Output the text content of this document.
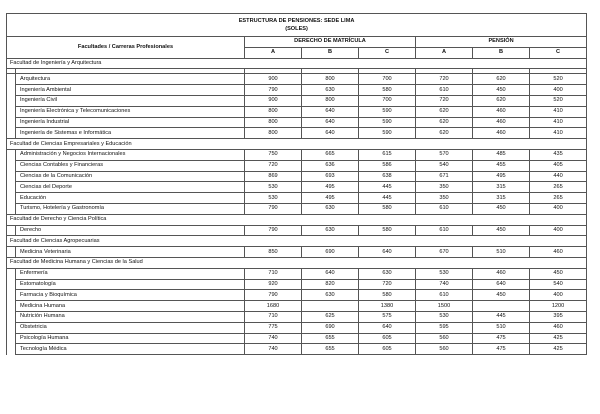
ESTRUCTURA DE PENSIONES: SEDE LIMA
(SOLES)							

Facultades / Carreras Profesionales		DERECHO DE MATRÍCULA			PENSIÓN		
		A	B	C	A	B	C
Facultad de Ingeniería y Arquitectura							

	Arquitectura	900	800	700	720	620	520
	Ingeniería Ambiental	790	630	580	610	450	400
	Ingeniería Civil	900	800	700	720	620	520
	Ingeniería Electrónica y Telecomunicaciones	800	640	590	620	460	410
	Ingeniería Industrial	800	640	590	620	460	410
	Ingeniería de Sistemas e Informática	800	640	590	620	460	410
Facultad de Ciencias Empresariales y Educación							
	Administración y Negocios Internacionales	750	665	615	570	485	435
	Ciencias Contables y Financieras	720	636	586	540	455	405
	Ciencias de la Comunicación	869	693	638	671	495	440
	Ciencias del Deporte	530	495	445	350	315	265
	Educación	530	495	445	350	315	265
	Turismo, Hotelería y Gastronomía	790	630	580	610	450	400
Facultad de Derecho y Ciencia Política							
	Derecho	790	630	580	610	450	400
Facultad de Ciencias Agropecuarias							
	Medicina Veterinaria	850	690	640	670	510	460
Facultad de Medicina Humana y Ciencias de la Salud							
	Enfermería	710	640	630	530	460	450
	Estomatología	920	820	720	740	640	540
	Farmacia y Bioquímica	790	630	580	610	450	400
	Medicina Humana	1680		1380	1500		1200
	Nutrición Humana	710	625	575	530	445	395
	Obstetricia	775	690	640	595	510	460
	Psicología Humana	740	655	605	560	475	425
	Tecnología Médica	740	655	605	560	475	425
